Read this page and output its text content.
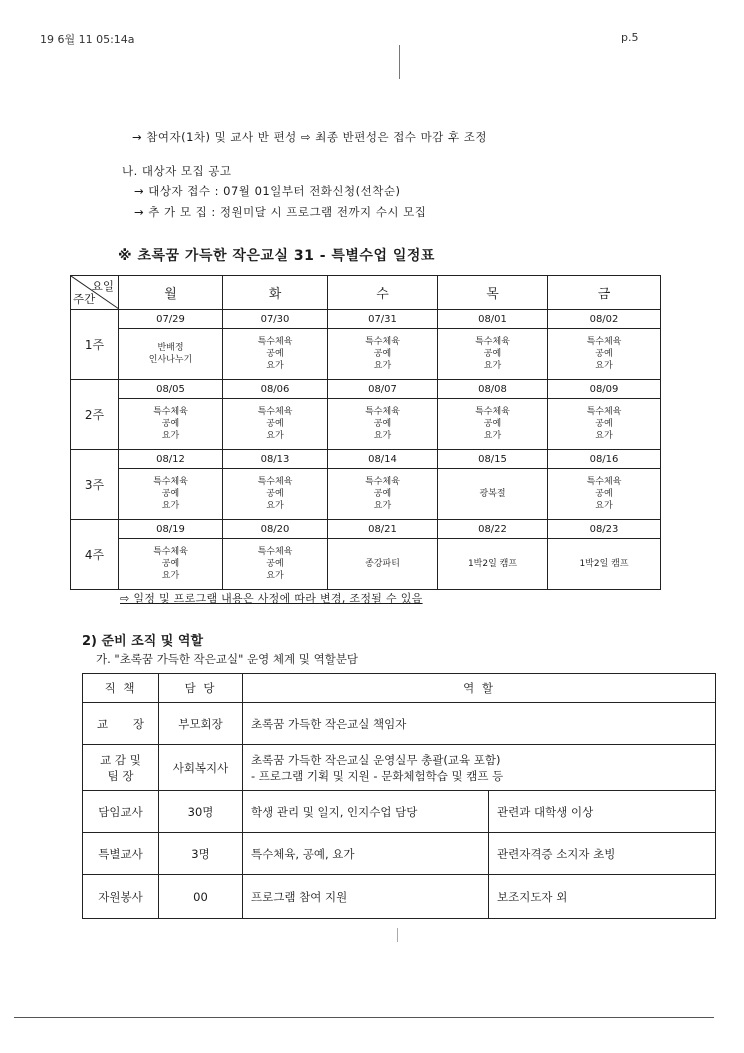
19 6월 11 05:14a	p.5
→ 참여자(1차) 및 교사 반 편성 ⇨ 최종 반편성은 접수 마감 후 조정
나. 대상자 모집 공고
→ 대상자 접수 : 07월 01일부터 전화신청(선착순)
→ 추 가 모 집 : 정원미달 시 프로그램 전까지 수시 모집
※ 초록꿈 가득한 작은교실 31 - 특별수업 일정표
요일
주간	월	화	수	목	금
1주	07/29	07/30	07/31	08/01	08/02

	반배정
인사나누기	특수체육
공예
요가	특수체육
공예
요가	특수체육
공예
요가	특수체육
공예
요가

2주	08/05	08/06	08/07	08/08	08/09

	특수체육
공예
요가	특수체육
공예
요가	특수체육
공예
요가	특수체육
공예
요가	특수체육
공예
요가

3주	08/12	08/13	08/14	08/15	08/16

	특수체육
공예
요가	특수체육
공예
요가	특수체육
공예
요가	광복절	특수체육
공예
요가

4주	08/19	08/20	08/21	08/22	08/23

	특수체육
공예
요가	특수체육
공예
요가	종강파티	1박2일 캠프	1박2일 캠프
⇨ 일정 및 프로그램 내용은 사정에 따라 변경, 조정될 수 있음
2) 준비 조직 및 역할
가. "초록꿈 가득한 작은교실" 운영 체계 및 역할분담
직 책	담 당	역 할	

교 장	부모회장	초록꿈 가득한 작은교실 책임자	

교 감 및
팀 장	사회복지사	초록꿈 가득한 작은교실 운영실무 총괄(교육 포함)
- 프로그램 기획 및 지원 - 문화체험학습 및 캠프 등	

담임교사	30명	학생 관리 및 일지, 인지수업 담당	관련과 대학생 이상

특별교사	3명	특수체육, 공예, 요가	관련자격증 소지자 초빙

자원봉사	00	프로그램 참여 지원	보조지도자 외
